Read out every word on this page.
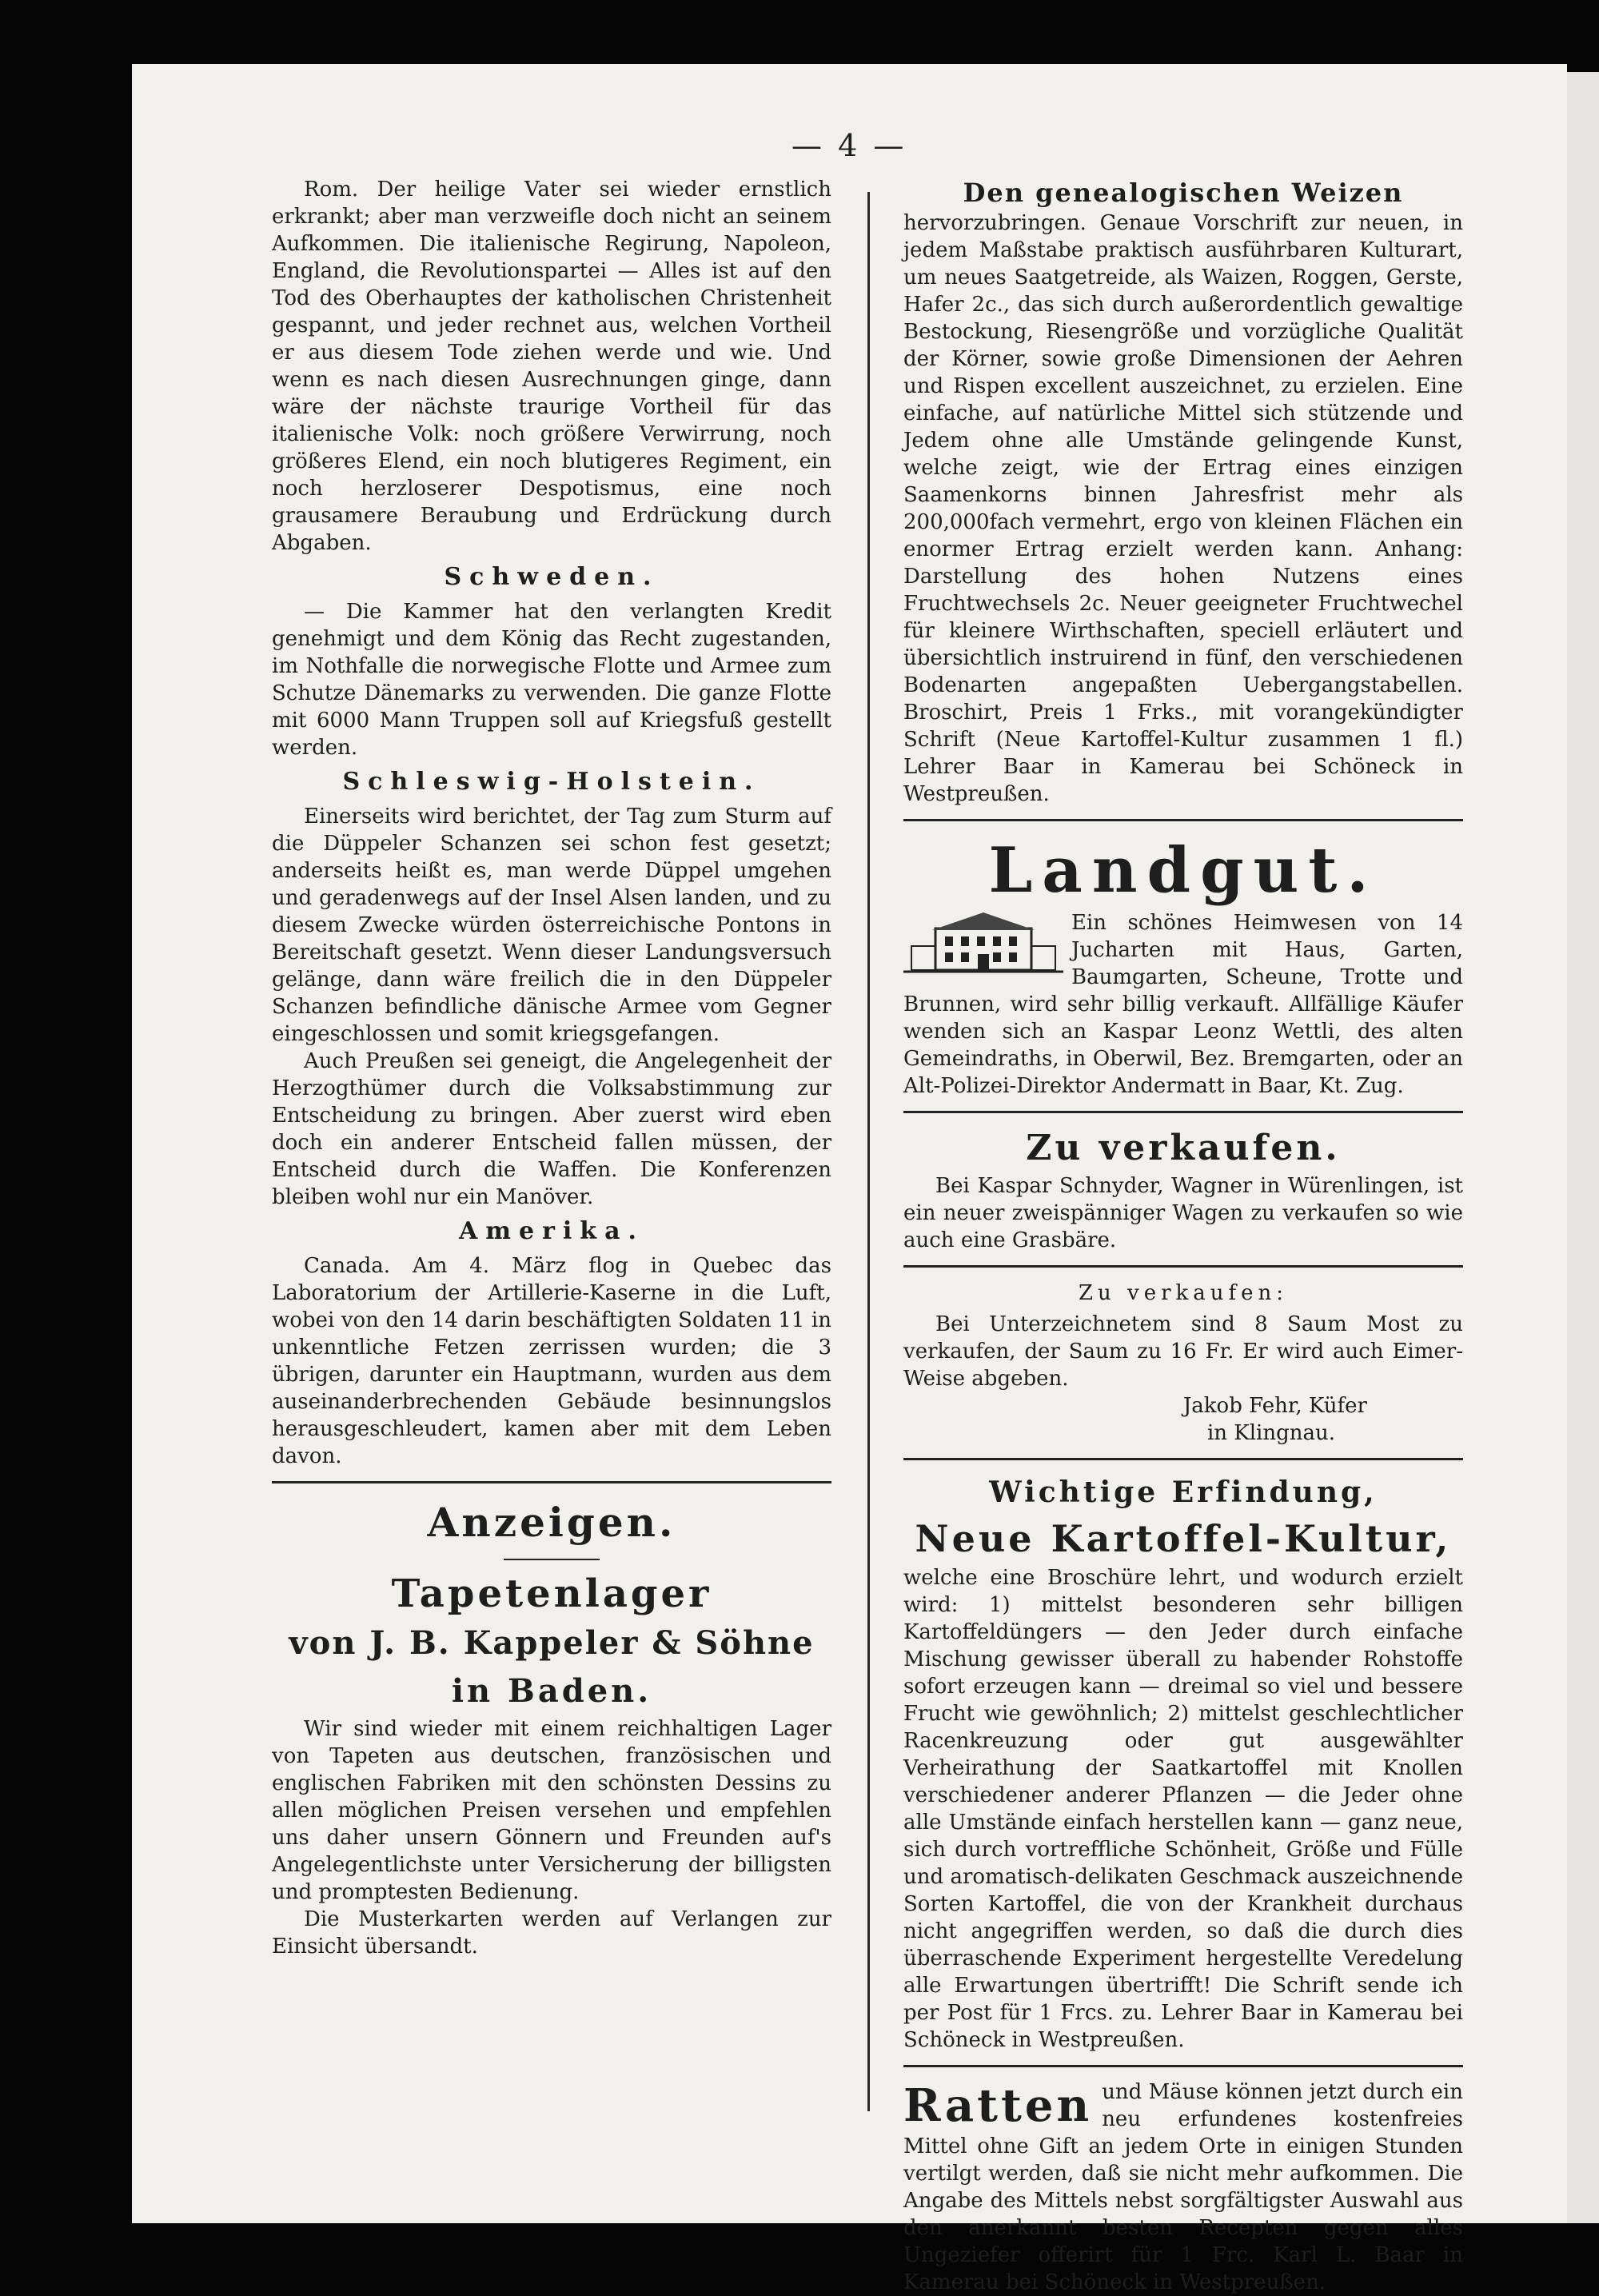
— 4 —

Rom. Der heilige Vater sei wieder ernstlich erkrankt; aber man verzweifle doch nicht an seinem Aufkommen. Die italienische Regirung, Napoleon, England, die Revolutionspartei — Alles ist auf den Tod des Oberhauptes der katholischen Christenheit gespannt, und jeder rechnet aus, welchen Vortheil er aus diesem Tode ziehen werde und wie. Und wenn es nach diesen Ausrechnungen ginge, dann wäre der nächste traurige Vortheil für das italienische Volk: noch größere Verwirrung, noch größeres Elend, ein noch blutigeres Regiment, ein noch herzloserer Despotismus, eine noch grausamere Beraubung und Erdrückung durch Abgaben.

Schweden.

— Die Kammer hat den verlangten Kredit genehmigt und dem König das Recht zugestanden, im Nothfalle die norwegische Flotte und Armee zum Schutze Dänemarks zu verwenden. Die ganze Flotte mit 6000 Mann Truppen soll auf Kriegsfuß gestellt werden.

Schleswig-Holstein.

Einerseits wird berichtet, der Tag zum Sturm auf die Düppeler Schanzen sei schon fest gesetzt; anderseits heißt es, man werde Düppel umgehen und geradenwegs auf der Insel Alsen landen, und zu diesem Zwecke würden österreichische Pontons in Bereitschaft gesetzt. Wenn dieser Landungsversuch gelänge, dann wäre freilich die in den Düppeler Schanzen befindliche dänische Armee vom Gegner eingeschlossen und somit kriegsgefangen.

Auch Preußen sei geneigt, die Angelegenheit der Herzogthümer durch die Volksabstimmung zur Entscheidung zu bringen. Aber zuerst wird eben doch ein anderer Entscheid fallen müssen, der Entscheid durch die Waffen. Die Konferenzen bleiben wohl nur ein Manöver.

Amerika.

Canada. Am 4. März flog in Quebec das Laboratorium der Artillerie-Kaserne in die Luft, wobei von den 14 darin beschäftigten Soldaten 11 in unkenntliche Fetzen zerrissen wurden; die 3 übrigen, darunter ein Hauptmann, wurden aus dem auseinanderbrechenden Gebäude besinnungslos herausgeschleudert, kamen aber mit dem Leben davon.

Anzeigen.
Tapetenlager
von J. B. Kappeler & Söhne
in Baden.

Wir sind wieder mit einem reichhaltigen Lager von Tapeten aus deutschen, französischen und englischen Fabriken mit den schönsten Dessins zu allen möglichen Preisen versehen und empfehlen uns daher unsern Gönnern und Freunden auf's Angelegentlichste unter Versicherung der billigsten und promptesten Bedienung.

Die Musterkarten werden auf Verlangen zur Einsicht übersandt.

Den genealogischen Weizen

hervorzubringen. Genaue Vorschrift zur neuen, in jedem Maßstabe praktisch ausführbaren Kulturart, um neues Saatgetreide, als Waizen, Roggen, Gerste, Hafer 2c., das sich durch außerordentlich gewaltige Bestockung, Riesengröße und vorzügliche Qualität der Körner, sowie große Dimensionen der Aehren und Rispen excellent auszeichnet, zu erzielen. Eine einfache, auf natürliche Mittel sich stützende und Jedem ohne alle Umstände gelingende Kunst, welche zeigt, wie der Ertrag eines einzigen Saamenkorns binnen Jahresfrist mehr als 200,000fach vermehrt, ergo von kleinen Flächen ein enormer Ertrag erzielt werden kann. Anhang: Darstellung des hohen Nutzens eines Fruchtwechsels 2c. Neuer geeigneter Fruchtwechel für kleinere Wirthschaften, speciell erläutert und übersichtlich instruirend in fünf, den verschiedenen Bodenarten angepaßten Uebergangstabellen. Broschirt, Preis 1 Frks., mit vorangekündigter Schrift (Neue Kartoffel-Kultur zusammen 1 fl.) Lehrer Baar in Kamerau bei Schöneck in Westpreußen.

Landgut.

Ein schönes Heimwesen von 14 Jucharten mit Haus, Garten, Baumgarten, Scheune, Trotte und Brunnen, wird sehr billig verkauft. Allfällige Käufer wenden sich an Kaspar Leonz Wettli, des alten Gemeindraths, in Oberwil, Bez. Bremgarten, oder an Alt-Polizei-Direktor Andermatt in Baar, Kt. Zug.

Zu verkaufen.

Bei Kaspar Schnyder, Wagner in Würenlingen, ist ein neuer zweispänniger Wagen zu verkaufen so wie auch eine Grasbäre.

Zu verkaufen:

Bei Unterzeichnetem sind 8 Saum Most zu verkaufen, der Saum zu 16 Fr. Er wird auch Eimer-Weise abgeben.

Jakob Fehr, Küfer

in Klingnau.

Wichtige Erfindung,
Neue Kartoffel-Kultur,

welche eine Broschüre lehrt, und wodurch erzielt wird: 1) mittelst besonderen sehr billigen Kartoffeldüngers — den Jeder durch einfache Mischung gewisser überall zu habender Rohstoffe sofort erzeugen kann — dreimal so viel und bessere Frucht wie gewöhnlich; 2) mittelst geschlechtlicher Racenkreuzung oder gut ausgewählter Verheirathung der Saatkartoffel mit Knollen verschiedener anderer Pflanzen — die Jeder ohne alle Umstände einfach herstellen kann — ganz neue, sich durch vortreffliche Schönheit, Größe und Fülle und aromatisch-delikaten Geschmack auszeichnende Sorten Kartoffel, die von der Krankheit durchaus nicht angegriffen werden, so daß die durch dies überraschende Experiment hergestellte Veredelung alle Erwartungen übertrifft! Die Schrift sende ich per Post für 1 Frcs. zu. Lehrer Baar in Kamerau bei Schöneck in Westpreußen.

Ratten und Mäuse können jetzt durch ein neu erfundenes kostenfreies Mittel ohne Gift an jedem Orte in einigen Stunden vertilgt werden, daß sie nicht mehr aufkommen. Die Angabe des Mittels nebst sorgfältigster Auswahl aus den anerkannt besten Recepten gegen alles Ungeziefer offerirt für 1 Frc. Karl L. Baar in Kamerau bei Schöneck in Westpreußen.
